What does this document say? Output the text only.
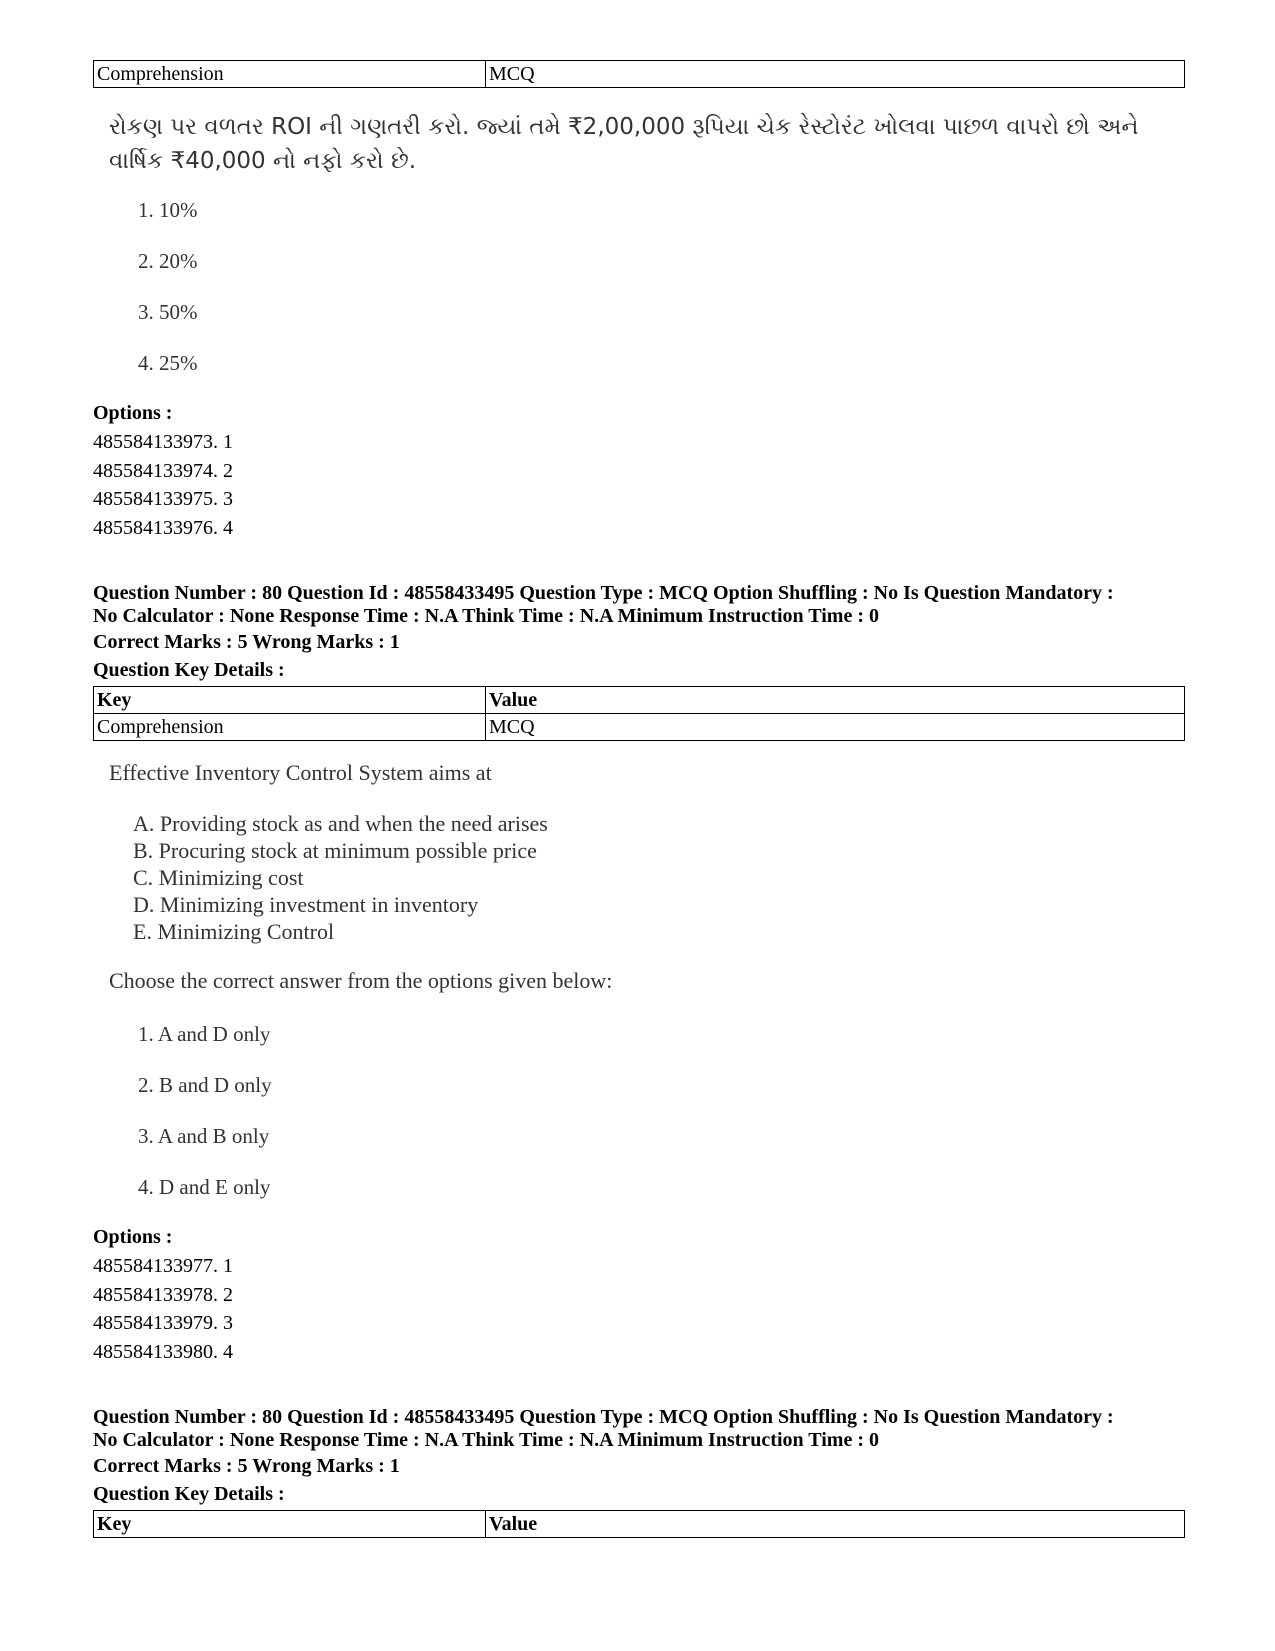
Comprehension	MCQ
રોકણ પર વળતર ROI ની ગણતરી કરો. જ્યાં તમે ₹2,00,000 રૂપિયા ચેક રેસ્ટોરંટ ખોલવા પાછળ વાપરો છો અને
વાર્ષિક ₹40,000 નો નફો કરો છે.
1. 10%
2. 20%
3. 50%
4. 25%
Options :
485584133973. 1
485584133974. 2
485584133975. 3
485584133976. 4
Question Number : 80 Question Id : 48558433495 Question Type : MCQ Option Shuffling : No Is Question Mandatory :
No Calculator : None Response Time : N.A Think Time : N.A Minimum Instruction Time : 0
Correct Marks : 5 Wrong Marks : 1
Question Key Details :
Key	Value
Comprehension	MCQ
Effective Inventory Control System aims at
A. Providing stock as and when the need arises
B. Procuring stock at minimum possible price
C. Minimizing cost
D. Minimizing investment in inventory
E. Minimizing Control
Choose the correct answer from the options given below:
1. A and D only
2. B and D only
3. A and B only
4. D and E only
Options :
485584133977. 1
485584133978. 2
485584133979. 3
485584133980. 4
Question Number : 80 Question Id : 48558433495 Question Type : MCQ Option Shuffling : No Is Question Mandatory :
No Calculator : None Response Time : N.A Think Time : N.A Minimum Instruction Time : 0
Correct Marks : 5 Wrong Marks : 1
Question Key Details :
Key	Value
